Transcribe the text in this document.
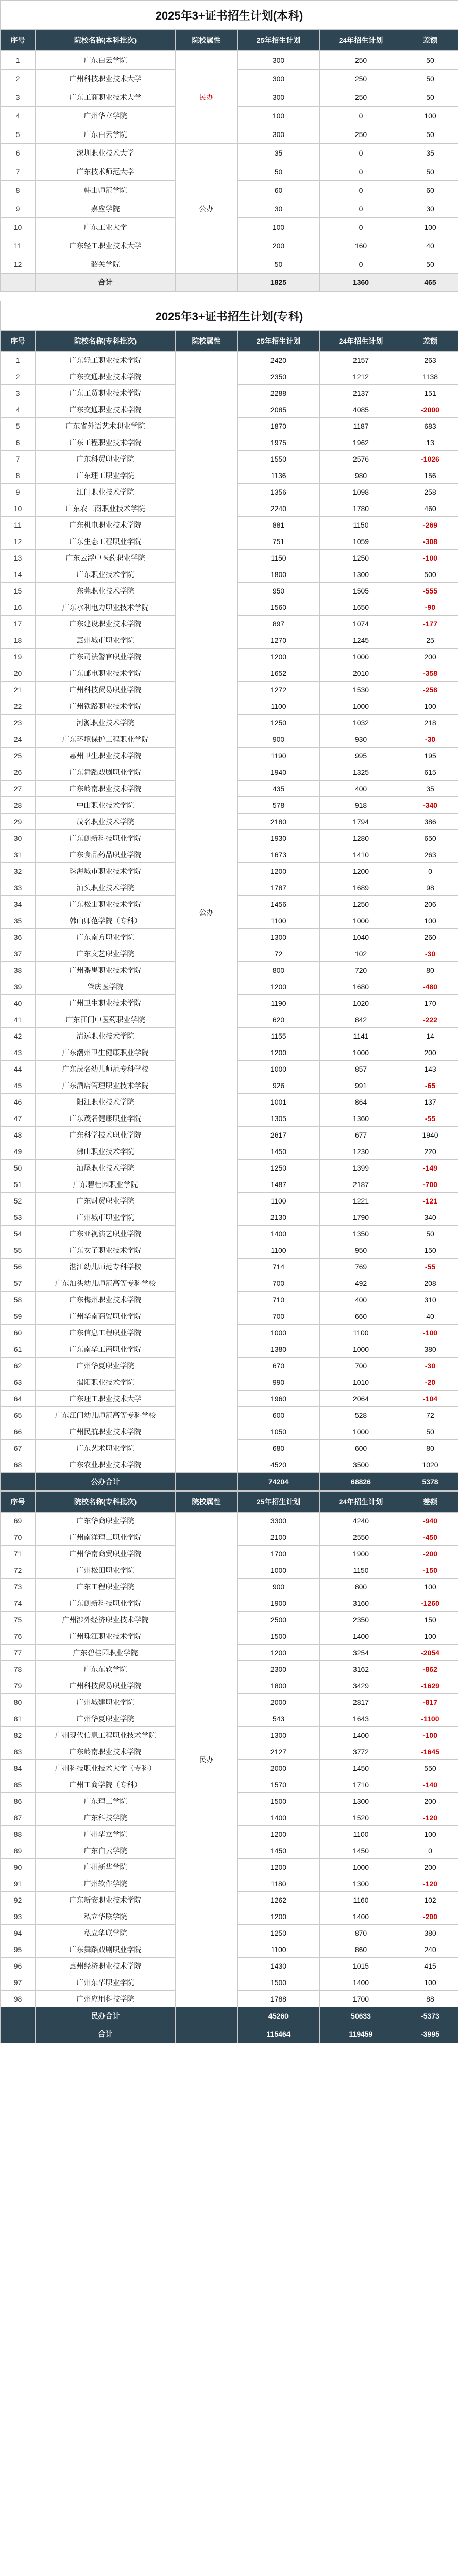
2025年3+证书招生计划(本科)					
序号	院校名称(本科批次)	院校属性	25年招生计划	24年招生计划	差额
1	广东白云学院	民办	300	250	50
2	广州科技职业技术大学		300	250	50
3	广东工商职业技术大学		300	250	50
4	广州华立学院		100	0	100
5	广东白云学院		300	250	50
6	深圳职业技术大学	公办	35	0	35
7	广东技术师范大学		50	0	50
8	韩山师范学院		60	0	60
9	嘉应学院		30	0	30
10	广东工业大学		100	0	100
11	广东轻工职业技术大学		200	160	40
12	韶关学院		50	0	50
	合计		1825	1360	465
2025年3+证书招生计划(专科)					
序号	院校名称(专科批次)	院校属性	25年招生计划	24年招生计划	差额
1	广东轻工职业技术学院	公办	2420	2157	263
2	广东交通职业技术学院		2350	1212	1138
3	广东工贸职业技术学院		2288	2137	151
4	广东交通职业技术学院		2085	4085	-2000
5	广东省外语艺术职业学院		1870	1187	683
6	广东工程职业技术学院		1975	1962	13
7	广东科贸职业学院		1550	2576	-1026
8	广东理工职业学院		1136	980	156
9	江门职业技术学院		1356	1098	258
10	广东农工商职业技术学院		2240	1780	460
11	广东机电职业技术学院		881	1150	-269
12	广东生态工程职业学院		751	1059	-308
13	广东云浮中医药职业学院		1150	1250	-100
14	广东职业技术学院		1800	1300	500
15	东莞职业技术学院		950	1505	-555
16	广东水利电力职业技术学院		1560	1650	-90
17	广东建设职业技术学院		897	1074	-177
18	惠州城市职业学院		1270	1245	25
19	广东司法警官职业学院		1200	1000	200
20	广东邮电职业技术学院		1652	2010	-358
21	广州科技贸易职业学院		1272	1530	-258
22	广州铁路职业技术学院		1100	1000	100
23	河源职业技术学院		1250	1032	218
24	广东环境保护工程职业学院		900	930	-30
25	惠州卫生职业技术学院		1190	995	195
26	广东舞蹈戏剧职业学院		1940	1325	615
27	广东岭南职业技术学院		435	400	35
28	中山职业技术学院		578	918	-340
29	茂名职业技术学院		2180	1794	386
30	广东创新科技职业学院		1930	1280	650
31	广东食品药品职业学院		1673	1410	263
32	珠海城市职业技术学院		1200	1200	0
33	汕头职业技术学院		1787	1689	98
34	广东松山职业技术学院		1456	1250	206
35	韩山师范学院（专科）		1100	1000	100
36	广东南方职业学院		1300	1040	260
37	广东文艺职业学院		72	102	-30
38	广州番禺职业技术学院		800	720	80
39	肇庆医学院		1200	1680	-480
40	广州卫生职业技术学院		1190	1020	170
41	广东江门中医药职业学院		620	842	-222
42	清远职业技术学院		1155	1141	14
43	广东潮州卫生健康职业学院		1200	1000	200
44	广东茂名幼儿师范专科学校		1000	857	143
45	广东酒店管理职业技术学院		926	991	-65
46	阳江职业技术学院		1001	864	137
47	广东茂名健康职业学院		1305	1360	-55
48	广东科学技术职业学院		2617	677	1940
49	佛山职业技术学院		1450	1230	220
50	汕尾职业技术学院		1250	1399	-149
51	广东碧桂园职业学院		1487	2187	-700
52	广东财贸职业学院		1100	1221	-121
53	广州城市职业学院		2130	1790	340
54	广东亚视演艺职业学院		1400	1350	50
55	广东女子职业技术学院		1100	950	150
56	湛江幼儿师范专科学校		714	769	-55
57	广东汕头幼儿师范高等专科学校		700	492	208
58	广东梅州职业技术学院		710	400	310
59	广州华南商贸职业学院		700	660	40
60	广东信息工程职业学院		1000	1100	-100
61	广东南华工商职业学院		1380	1000	380
62	广州华夏职业学院		670	700	-30
63	揭阳职业技术学院		990	1010	-20
64	广东理工职业技术大学		1960	2064	-104
65	广东江门幼儿师范高等专科学校		600	528	72
66	广州民航职业技术学院		1050	1000	50
67	广东艺术职业学院		680	600	80
68	广东农业职业技术学院		4520	3500	1020
	公办合计		74204	68826	5378
序号	院校名称(专科批次)	院校属性	25年招生计划	24年招生计划	差额
69	广东华商职业学院	民办	3300	4240	-940
70	广州南洋理工职业学院		2100	2550	-450
71	广州华南商贸职业学院		1700	1900	-200
72	广州松田职业学院		1000	1150	-150
73	广东工程职业学院		900	800	100
74	广东创新科技职业学院		1900	3160	-1260
75	广州涉外经济职业技术学院		2500	2350	150
76	广州珠江职业技术学院		1500	1400	100
77	广东碧桂园职业学院		1200	3254	-2054
78	广东东软学院		2300	3162	-862
79	广州科技贸易职业学院		1800	3429	-1629
80	广州城建职业学院		2000	2817	-817
81	广州华夏职业学院		543	1643	-1100
82	广州现代信息工程职业技术学院		1300	1400	-100
83	广东岭南职业技术学院		2127	3772	-1645
84	广州科技职业技术大学（专科）		2000	1450	550
85	广州工商学院（专科）		1570	1710	-140
86	广东理工学院		1500	1300	200
87	广东科技学院		1400	1520	-120
88	广州华立学院		1200	1100	100
89	广东白云学院		1450	1450	0
90	广州新华学院		1200	1000	200
91	广州软件学院		1180	1300	-120
92	广东新安职业技术学院		1262	1160	102
93	私立华联学院		1200	1400	-200
94	私立华联学院		1250	870	380
95	广东舞蹈戏剧职业学院		1100	860	240
96	惠州经济职业技术学院		1430	1015	415
97	广州东华职业学院		1500	1400	100
98	广州应用科技学院		1788	1700	88
	民办合计		45260	50633	-5373
	合计		115464	119459	-3995
